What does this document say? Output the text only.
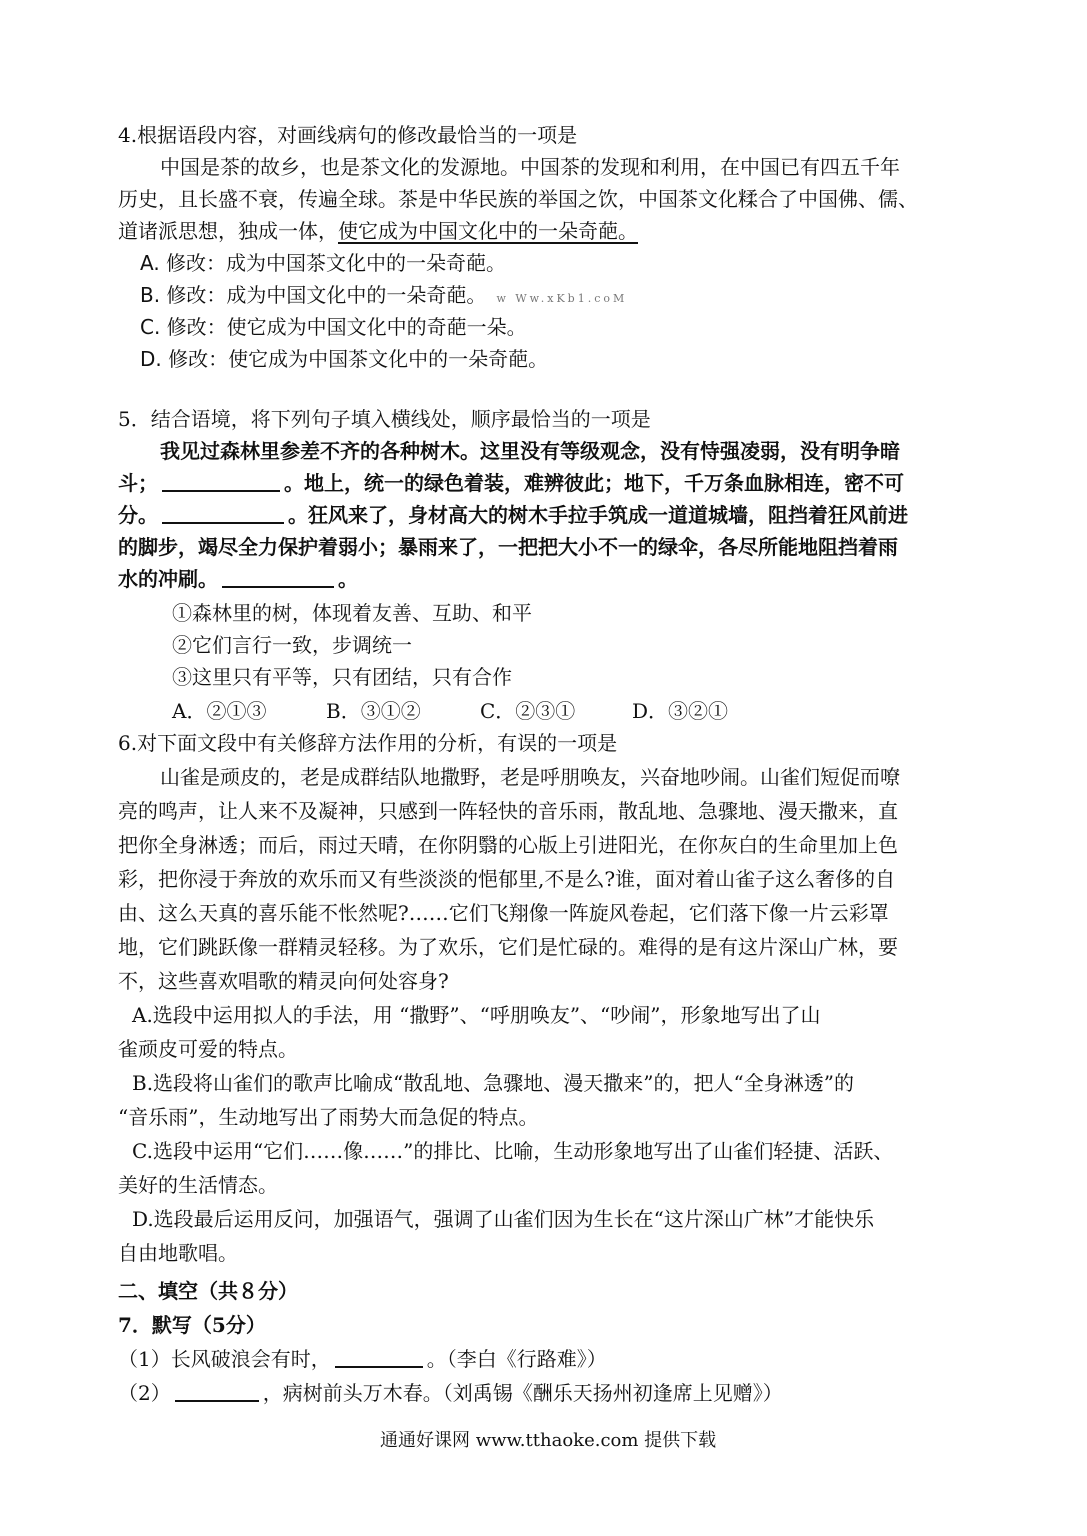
4.根据语段内容，对画线病句的修改最恰当的一项是
中国是茶的故乡，也是茶文化的发源地。中国茶的发现和利用，在中国已有四五千年
历史，且长盛不衰，传遍全球。茶是中华民族的举国之饮，中国茶文化糅合了中国佛、儒、
道诸派思想，独成一体，使它成为中国文化中的一朵奇葩。
A. 修改：成为中国茶文化中的一朵奇葩。
B. 修改：成为中国文化中的一朵奇葩。 w Ww.xKb1.coM
C. 修改：使它成为中国文化中的奇葩一朵。
D. 修改：使它成为中国茶文化中的一朵奇葩。
5．结合语境，将下列句子填入横线处，顺序最恰当的一项是
我见过森林里参差不齐的各种树木。这里没有等级观念，没有恃强凌弱，没有明争暗
斗；	。地上，统一的绿色着装，难辨彼此；地下，千万条血脉相连，密不可
分。	。狂风来了，身材高大的树木手拉手筑成一道道城墙，阻挡着狂风前进
的脚步，竭尽全力保护着弱小；暴雨来了，一把把大小不一的绿伞，各尽所能地阻挡着雨
水的冲刷。	。
①森林里的树，体现着友善、互助、和平
②它们言行一致，步调统一
③这里只有平等，只有团结，只有合作
A．②①③	B．③①②	C．②③①	D．③②①
6.对下面文段中有关修辞方法作用的分析，有误的一项是
山雀是顽皮的，老是成群结队地撒野，老是呼朋唤友，兴奋地吵闹。山雀们短促而嘹
亮的鸣声，让人来不及凝神，只感到一阵轻快的音乐雨，散乱地、急骤地、漫天撒来，直
把你全身淋透；而后，雨过天晴，在你阴翳的心版上引进阳光，在你灰白的生命里加上色
彩，把你浸于奔放的欢乐而又有些淡淡的悒郁里,不是么?谁，面对着山雀子这么奢侈的自
由、这么天真的喜乐能不怅然呢?……它们飞翔像一阵旋风卷起，它们落下像一片云彩罩
地，它们跳跃像一群精灵轻移。为了欢乐，它们是忙碌的。难得的是有这片深山广林，要
不，这些喜欢唱歌的精灵向何处容身?
A.选段中运用拟人的手法，用 “撒野”、“呼朋唤友”、“吵闹”，形象地写出了山
雀顽皮可爱的特点。
B.选段将山雀们的歌声比喻成“散乱地、急骤地、漫天撒来”的，把人“全身淋透”的
“音乐雨”，生动地写出了雨势大而急促的特点。
C.选段中运用“它们……像……”的排比、比喻，生动形象地写出了山雀们轻捷、活跃、
美好的生活情态。
D.选段最后运用反问，加强语气，强调了山雀们因为生长在“这片深山广林”才能快乐
自由地歌唱。
二、填空（共８分）
7．默写（5分）
（1）长风破浪会有时，	。（李白《行路难》）
（2）	，病树前头万木春。（刘禹锡《酬乐天扬州初逢席上见赠》）
通通好课网 www.tthaoke.com 提供下载
